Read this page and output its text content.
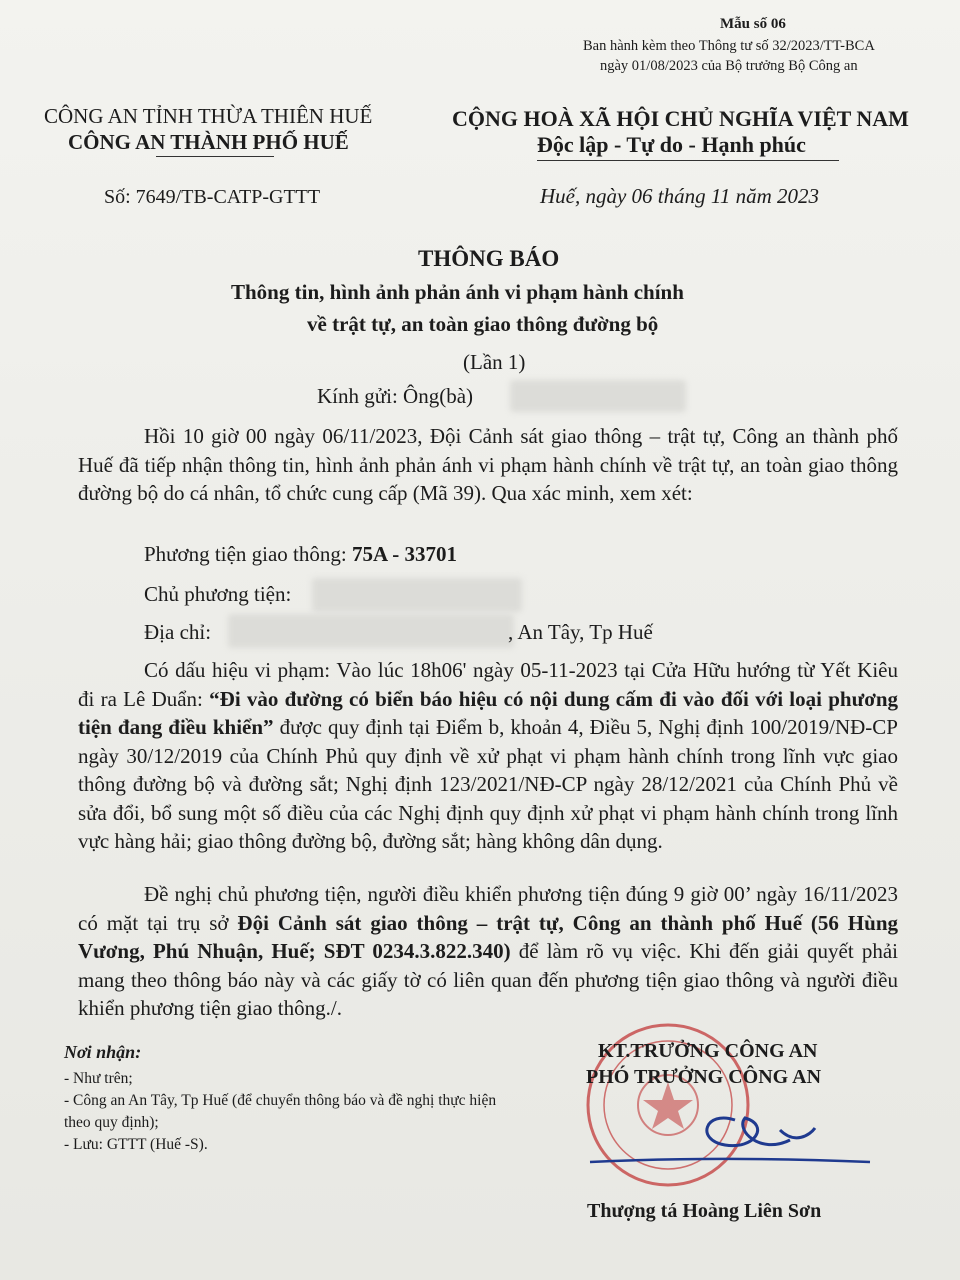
Mẫu số 06
Ban hành kèm theo Thông tư số 32/2023/TT-BCA
ngày 01/08/2023 của Bộ trưởng Bộ Công an
CÔNG AN TỈNH THỪA THIÊN HUẾ
CÔNG AN THÀNH PHỐ HUẾ
CỘNG HOÀ XÃ HỘI CHỦ NGHĨA VIỆT NAM
Độc lập - Tự do - Hạnh phúc
Số: 7649/TB-CATP-GTTT	Huế, ngày 06 tháng 11 năm 2023
THÔNG BÁO
Thông tin, hình ảnh phản ánh vi phạm hành chính
về trật tự, an toàn giao thông đường bộ
(Lần 1)
Kính gửi: Ông(bà)
Hồi 10 giờ 00 ngày 06/11/2023, Đội Cảnh sát giao thông – trật tự, Công an thành phố Huế đã tiếp nhận thông tin, hình ảnh phản ánh vi phạm hành chính về trật tự, an toàn giao thông đường bộ do cá nhân, tổ chức cung cấp (Mã 39). Qua xác minh, xem xét:
Phương tiện giao thông: 75A - 33701
Chủ phương tiện:
Địa chỉ:	, An Tây, Tp Huế
Có dấu hiệu vi phạm: Vào lúc 18h06' ngày 05-11-2023 tại Cửa Hữu hướng từ Yết Kiêu đi ra Lê Duẩn: “Đi vào đường có biển báo hiệu có nội dung cấm đi vào đối với loại phương tiện đang điều khiển” được quy định tại Điểm b, khoản 4, Điều 5, Nghị định 100/2019/NĐ-CP ngày 30/12/2019 của Chính Phủ quy định về xử phạt vi phạm hành chính trong lĩnh vực giao thông đường bộ và đường sắt; Nghị định 123/2021/NĐ-CP ngày 28/12/2021 của Chính Phủ về sửa đổi, bổ sung một số điều của các Nghị định quy định xử phạt vi phạm hành chính trong lĩnh vực hàng hải; giao thông đường bộ, đường sắt; hàng không dân dụng.
Đề nghị chủ phương tiện, người điều khiển phương tiện đúng 9 giờ 00’ ngày 16/11/2023 có mặt tại trụ sở Đội Cảnh sát giao thông – trật tự, Công an thành phố Huế (56 Hùng Vương, Phú Nhuận, Huế; SĐT 0234.3.822.340) để làm rõ vụ việc. Khi đến giải quyết phải mang theo thông báo này và các giấy tờ có liên quan đến phương tiện giao thông và người điều khiển phương tiện giao thông./.
Nơi nhận:
- Như trên;
- Công an An Tây, Tp Huế (để chuyển thông báo và đề nghị thực hiện theo quy định);
- Lưu: GTTT (Huế -S).
KT.TRƯỞNG CÔNG AN
PHÓ TRƯỞNG CÔNG AN
Thượng tá Hoàng Liên Sơn
